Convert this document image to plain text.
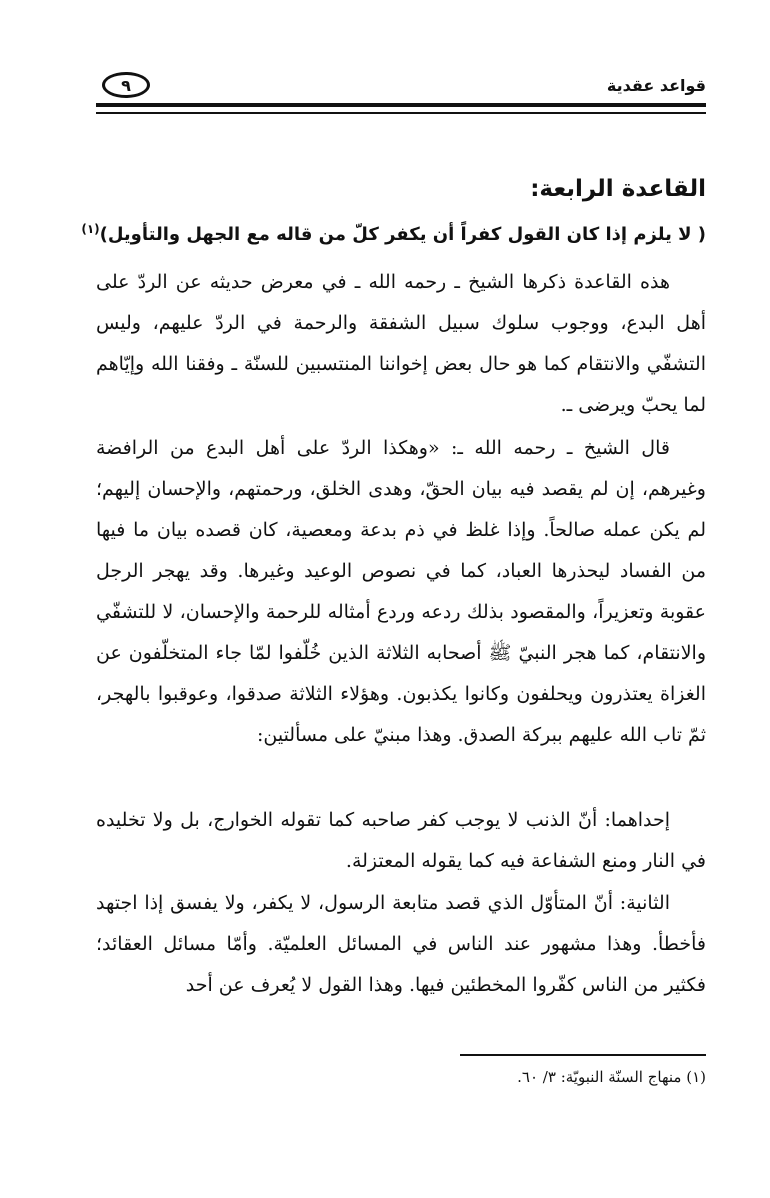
قواعد عقدية
٩
القاعدة الرابعة:
( لا يلزم إذا كان القول كفراً أن يكفر كلّ من قاله مع الجهل والتأويل)$^{(١)}$
هذه القاعدة ذكرها الشيخ ـ رحمه الله ـ في معرض حديثه عن الردّ على أهل البدع، ووجوب سلوك سبيل الشفقة والرحمة في الردّ عليهم، وليس التشفّي والانتقام كما هو حال بعض إخواننا المنتسبين للسنّة ـ وفقنا الله وإيّاهم لما يحبّ ويرضى ـ.
قال الشيخ ـ رحمه الله ـ: «وهكذا الردّ على أهل البدع من الرافضة وغيرهم، إن لم يقصد فيه بيان الحقّ، وهدى الخلق، ورحمتهم، والإحسان إليهم؛ لم يكن عمله صالحاً. وإذا غلظ في ذم بدعة ومعصية، كان قصده بيان ما فيها من الفساد ليحذرها العباد، كما في نصوص الوعيد وغيرها. وقد يهجر الرجل عقوبة وتعزيراً، والمقصود بذلك ردعه وردع أمثاله للرحمة والإحسان، لا للتشفّي والانتقام، كما هجر النبيّ ﷺ أصحابه الثلاثة الذين خُلّفوا لمّا جاء المتخلّفون عن الغزاة يعتذرون ويحلفون وكانوا يكذبون. وهؤلاء الثلاثة صدقوا، وعوقبوا بالهجر، ثمّ تاب الله عليهم ببركة الصدق. وهذا مبنيّ على مسألتين:
إحداهما: أنّ الذنب لا يوجب كفر صاحبه كما تقوله الخوارج، بل ولا تخليده في النار ومنع الشفاعة فيه كما يقوله المعتزلة.
الثانية: أنّ المتأوّل الذي قصد متابعة الرسول، لا يكفر، ولا يفسق إذا اجتهد فأخطأ. وهذا مشهور عند الناس في المسائل العلميّة. وأمّا مسائل العقائد؛ فكثير من الناس كفّروا المخطئين فيها. وهذا القول لا يُعرف عن أحد
(١) منهاج السنّة النبويّة: ٣/ ٦٠.
